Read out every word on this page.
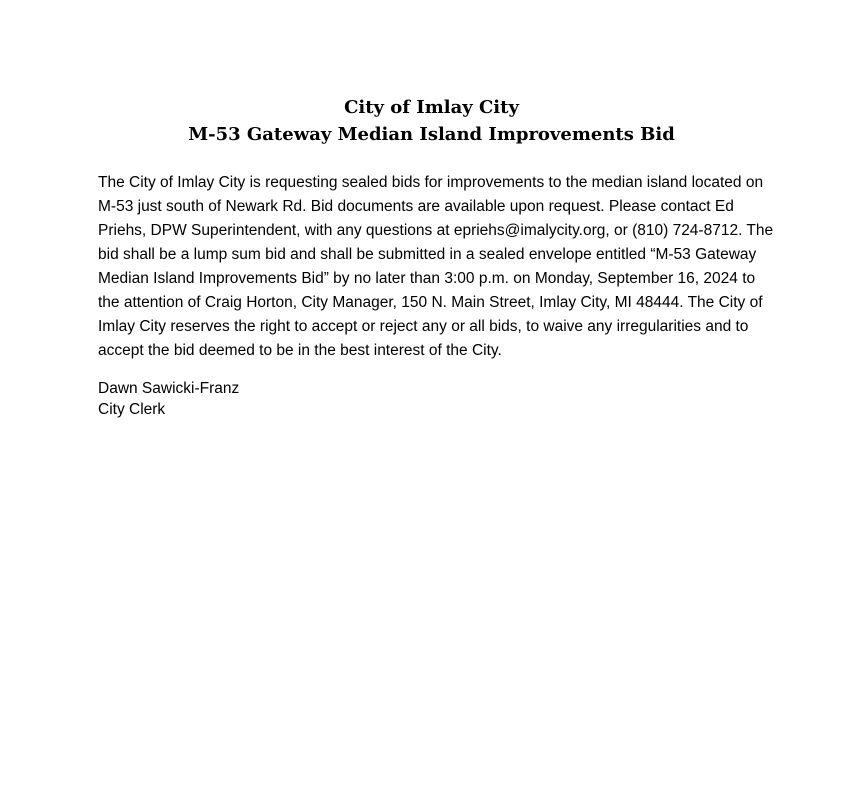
City of Imlay City
M-53 Gateway Median Island Improvements Bid

The City of Imlay City is requesting sealed bids for improvements to the median island located on M-53 just south of Newark Rd. Bid documents are available upon request. Please contact Ed Priehs, DPW Superintendent, with any questions at epriehs@imalycity.org, or (810) 724-8712. The bid shall be a lump sum bid and shall be submitted in a sealed envelope entitled “M-53 Gateway Median Island Improvements Bid” by no later than 3:00 p.m. on Monday, September 16, 2024 to the attention of Craig Horton, City Manager, 150 N. Main Street, Imlay City, MI 48444. The City of Imlay City reserves the right to accept or reject any or all bids, to waive any irregularities and to accept the bid deemed to be in the best interest of the City.

Dawn Sawicki-Franz
City Clerk
